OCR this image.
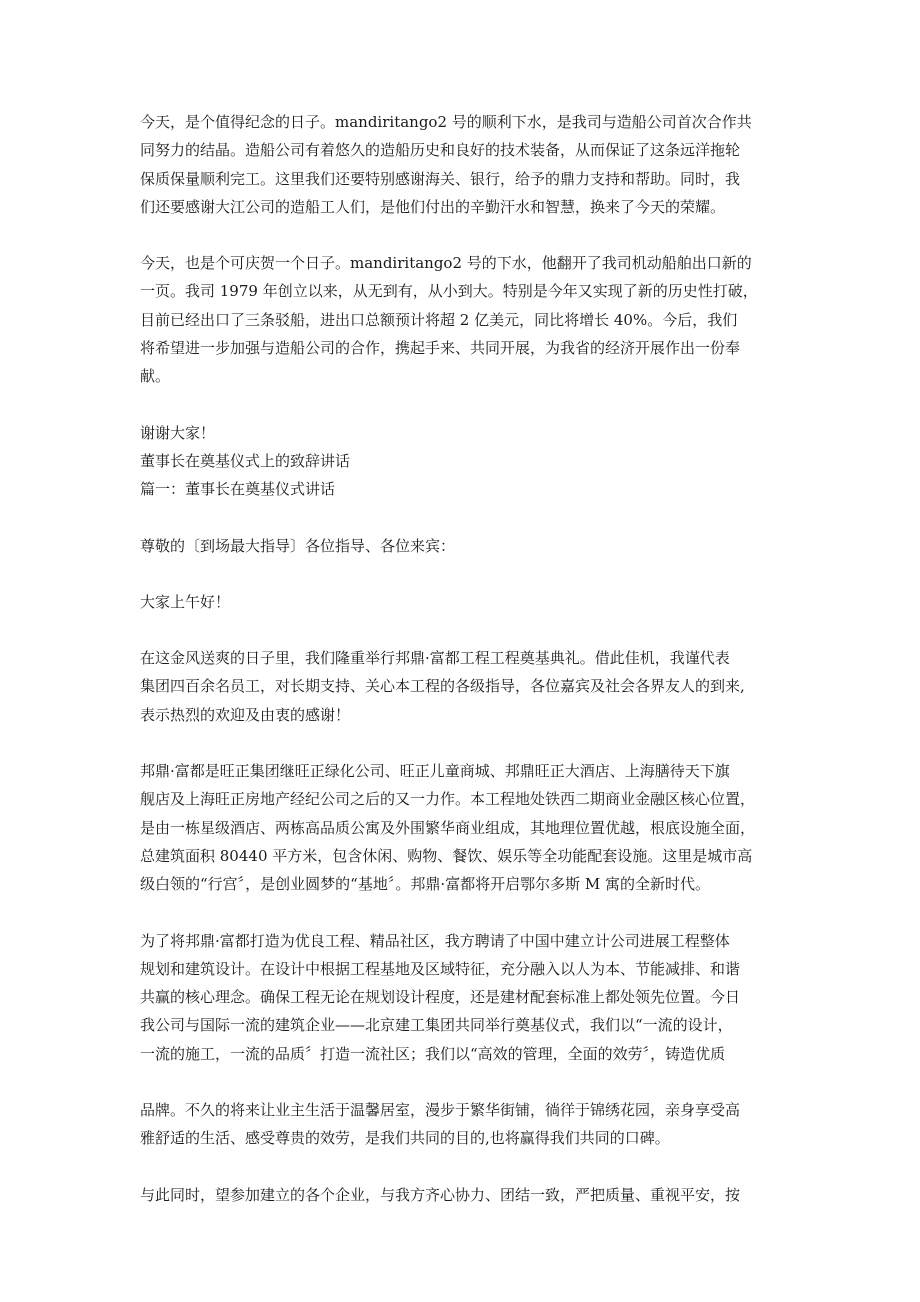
今天，是个值得纪念的日子。mandiritango2 号的顺利下水，是我司与造船公司首次合作共
同努力的结晶。造船公司有着悠久的造船历史和良好的技术装备，从而保证了这条远洋拖轮
保质保量顺利完工。这里我们还要特别感谢海关、银行，给予的鼎力支持和帮助。同时，我
们还要感谢大江公司的造船工人们，是他们付出的辛勤汗水和智慧，换来了今天的荣耀。

今天，也是个可庆贺一个日子。mandiritango2 号的下水，他翻开了我司机动船舶出口新的
一页。我司 1979 年创立以来，从无到有，从小到大。特别是今年又实现了新的历史性打破，
目前已经出口了三条驳船，进出口总额预计将超 2 亿美元，同比将增长 40%。今后，我们
将希望进一步加强与造船公司的合作，携起手来、共同开展，为我省的经济开展作出一份奉
献。

谢谢大家！
董事长在奠基仪式上的致辞讲话
篇一：董事长在奠基仪式讲话

尊敬的〔到场最大指导〕各位指导、各位来宾：

大家上午好！

在这金风送爽的日子里，我们隆重举行邦鼎·富都工程工程奠基典礼。借此佳机，我谨代表
集团四百余名员工，对长期支持、关心本工程的各级指导，各位嘉宾及社会各界友人的到来,
表示热烈的欢迎及由衷的感谢！

邦鼎·富都是旺正集团继旺正绿化公司、旺正儿童商城、邦鼎旺正大酒店、上海膳待天下旗
舰店及上海旺正房地产经纪公司之后的又一力作。本工程地处铁西二期商业金融区核心位置，
是由一栋星级酒店、两栋高品质公寓及外围繁华商业组成，其地理位置优越，根底设施全面，
总建筑面积 80440 平方米，包含休闲、购物、餐饮、娱乐等全功能配套设施。这里是城市高
级白领的“行宫〞，是创业圆梦的“基地〞。邦鼎·富都将开启鄂尔多斯 M 寓的全新时代。

为了将邦鼎·富都打造为优良工程、精品社区，我方聘请了中国中建立计公司进展工程整体
规划和建筑设计。在设计中根据工程基地及区域特征，充分融入以人为本、节能减排、和谐
共赢的核心理念。确保工程无论在规划设计程度，还是建材配套标准上都处领先位置。今日
我公司与国际一流的建筑企业——北京建工集团共同举行奠基仪式，我们以“一流的设计，
一流的施工，一流的品质〞打造一流社区；我们以“高效的管理，全面的效劳〞，铸造优质

品牌。不久的将来让业主生活于温馨居室，漫步于繁华街铺，徜徉于锦绣花园，亲身享受高
雅舒适的生活、感受尊贵的效劳，是我们共同的目的,也将赢得我们共同的口碑。

与此同时，望参加建立的各个企业，与我方齐心协力、团结一致，严把质量、重视平安，按
